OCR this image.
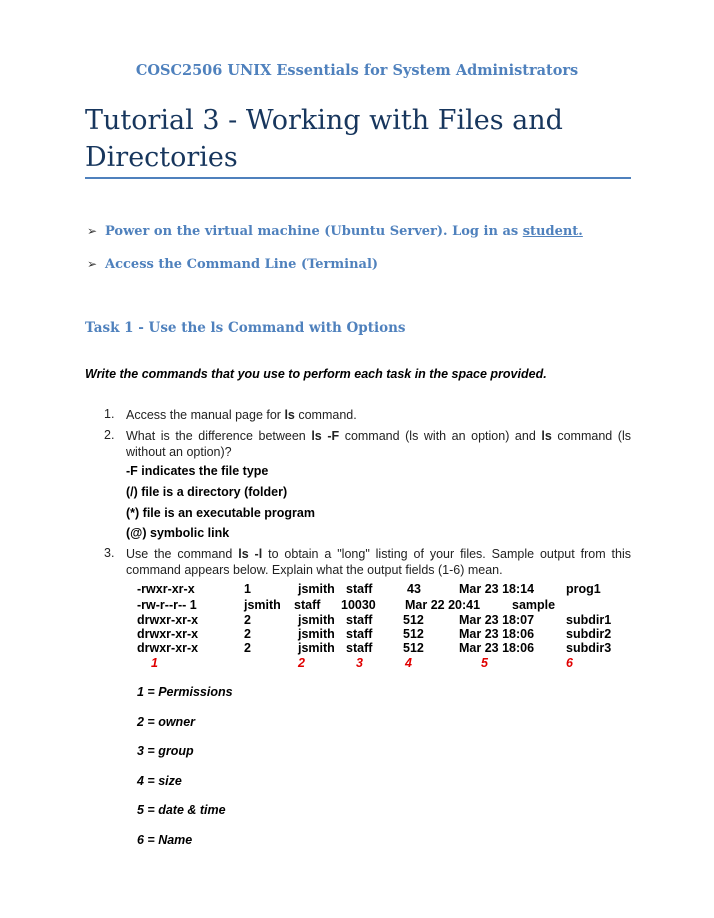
COSC2506 UNIX Essentials for System Administrators
Tutorial 3 - Working with Files and Directories
➢ Power on the virtual machine (Ubuntu Server). Log in as student.
➢ Access the Command Line (Terminal)
Task 1 - Use the ls Command with Options
Write the commands that you use to perform each task in the space provided.
1. Access the manual page for ls command.
2. What is the difference between ls -F command (ls with an option) and ls command (ls without an option)?
-F indicates the file type
(/) file is a directory (folder)
(*) file is an executable program
(@) symbolic link
3. Use the command ls -l to obtain a "long" listing of your files. Sample output from this command appears below. Explain what the output fields (1-6) mean.
-rwxr-xr-x	1	jsmith staff	43	Mar 23 18:14	prog1
-rw-r--r-- 1	jsmith staff 10030 Mar 22 20:41	sample
drwxr-xr-x	2	jsmith staff 512	Mar 23 18:07	subdir1
drwxr-xr-x	2	jsmith staff 512	Mar 23 18:06	subdir2
drwxr-xr-x	2	jsmith staff 512	Mar 23 18:06	subdir3
1	2	3	4	5	6
1 = Permissions
2 = owner
3 = group
4 = size
5 = date & time
6 = Name
